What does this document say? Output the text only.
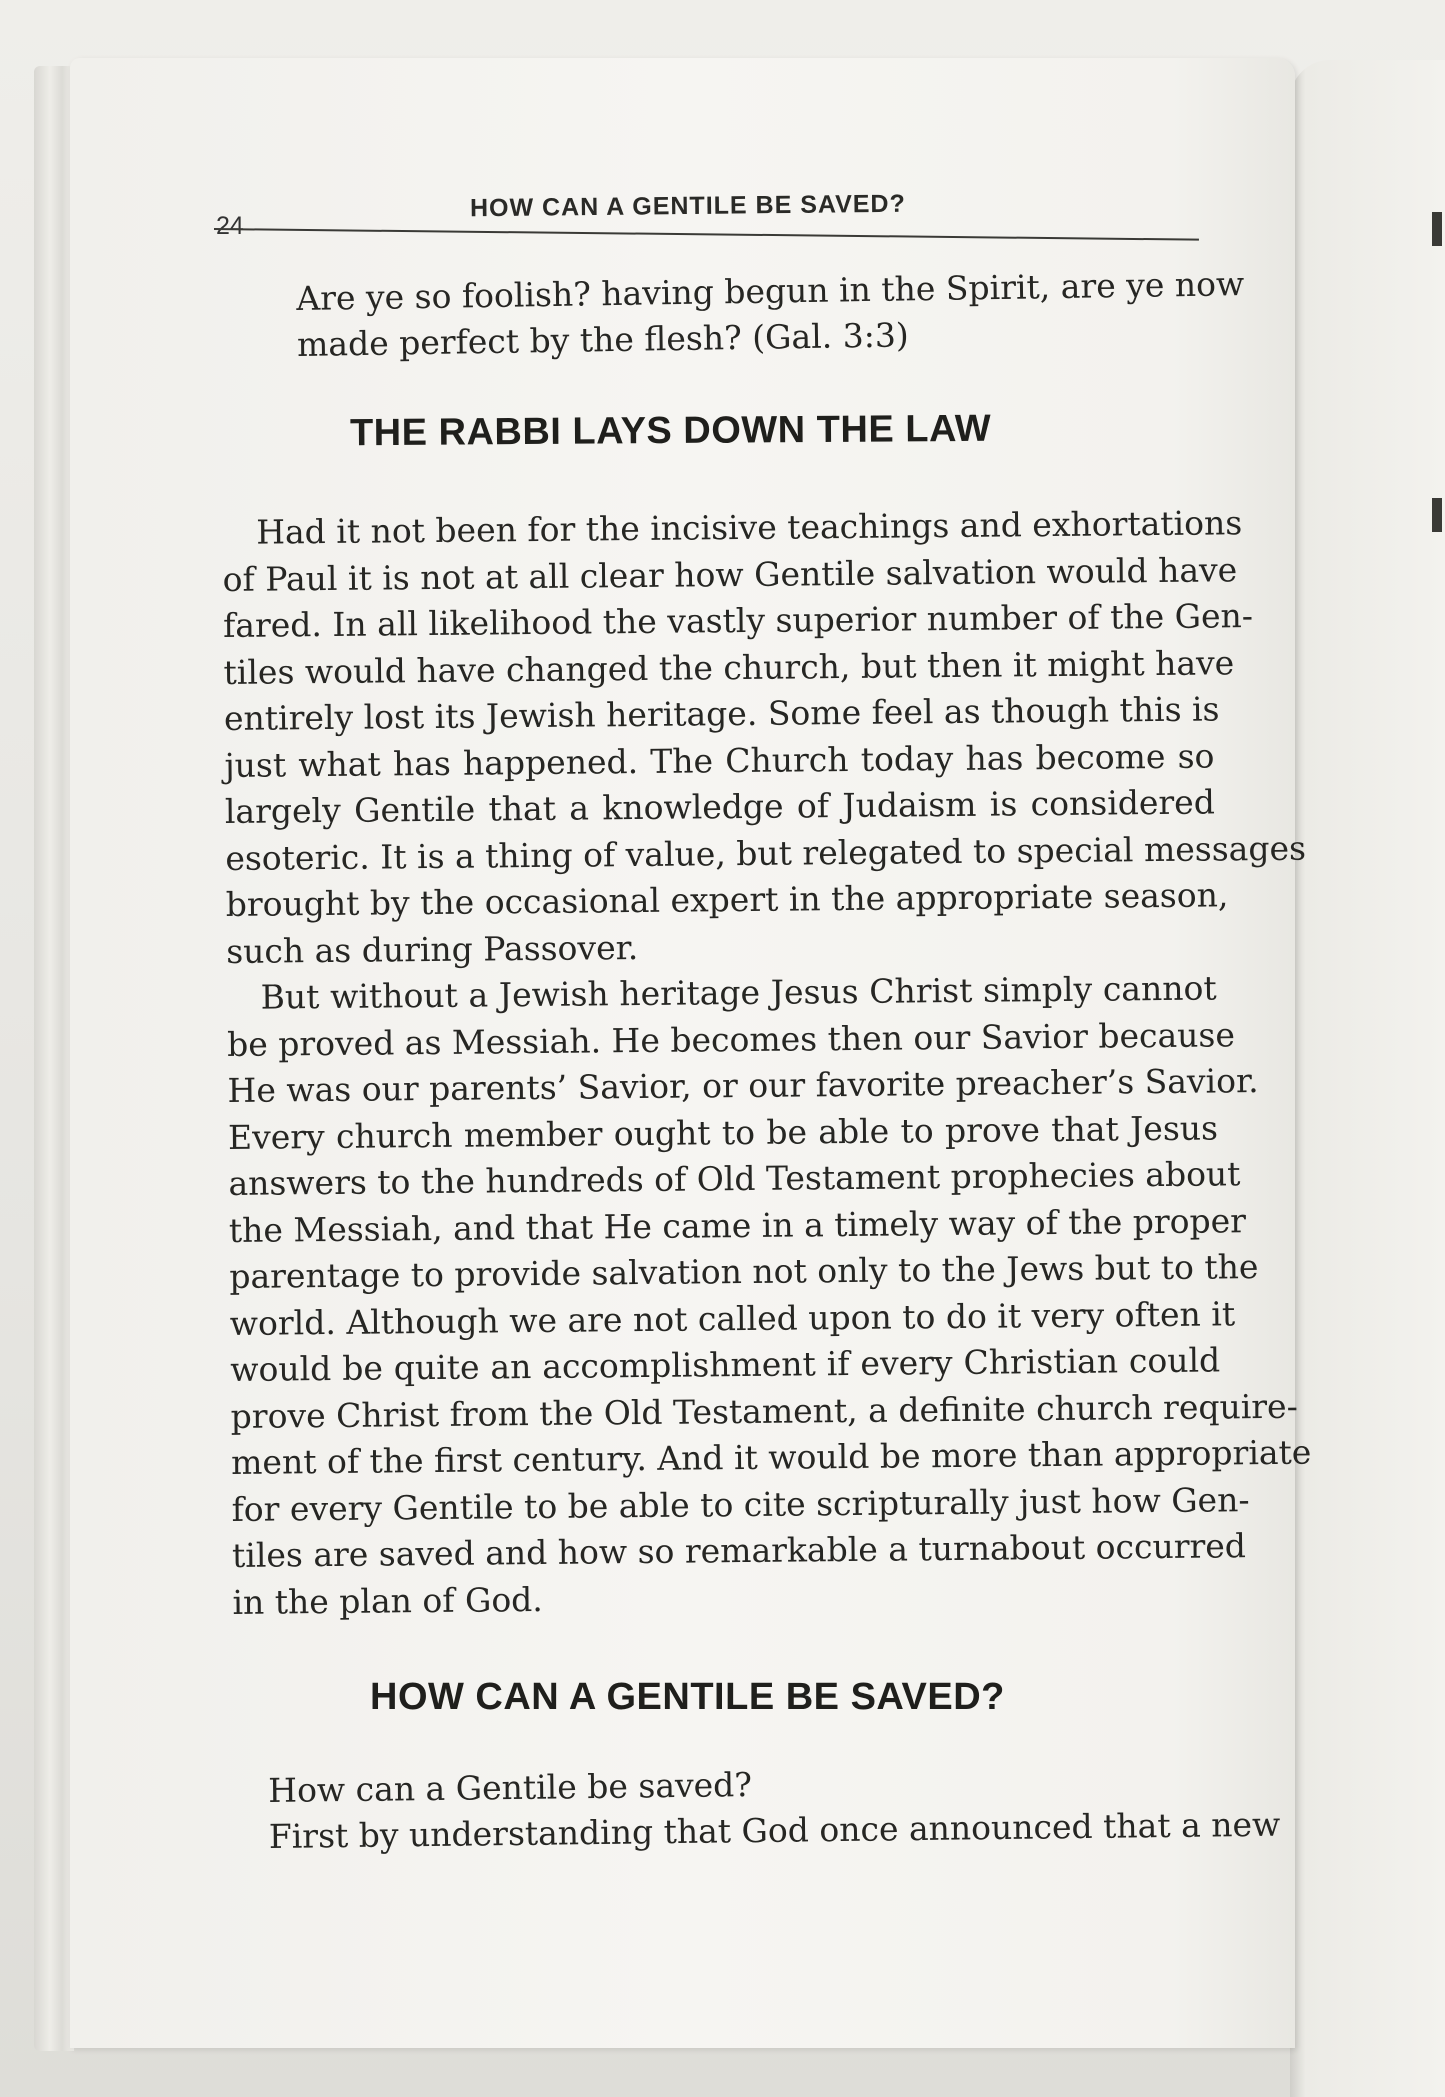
24
HOW CAN A GENTILE BE SAVED?
Are ye so foolish? having begun in the Spirit, are ye now
made perfect by the flesh? (Gal. 3:3)
THE RABBI LAYS DOWN THE LAW
Had it not been for the incisive teachings and exhortations
of Paul it is not at all clear how Gentile salvation would have
fared. In all likelihood the vastly superior number of the Gen-
tiles would have changed the church, but then it might have
entirely lost its Jewish heritage. Some feel as though this is
just what has happened. The Church today has become so
largely Gentile that a knowledge of Judaism is considered
esoteric. It is a thing of value, but relegated to special messages
brought by the occasional expert in the appropriate season,
such as during Passover.
But without a Jewish heritage Jesus Christ simply cannot
be proved as Messiah. He becomes then our Savior because
He was our parents’ Savior, or our favorite preacher’s Savior.
Every church member ought to be able to prove that Jesus
answers to the hundreds of Old Testament prophecies about
the Messiah, and that He came in a timely way of the proper
parentage to provide salvation not only to the Jews but to the
world. Although we are not called upon to do it very often it
would be quite an accomplishment if every Christian could
prove Christ from the Old Testament, a definite church require-
ment of the first century. And it would be more than appropriate
for every Gentile to be able to cite scripturally just how Gen-
tiles are saved and how so remarkable a turnabout occurred
in the plan of God.
HOW CAN A GENTILE BE SAVED?
How can a Gentile be saved?
First by understanding that God once announced that a new
